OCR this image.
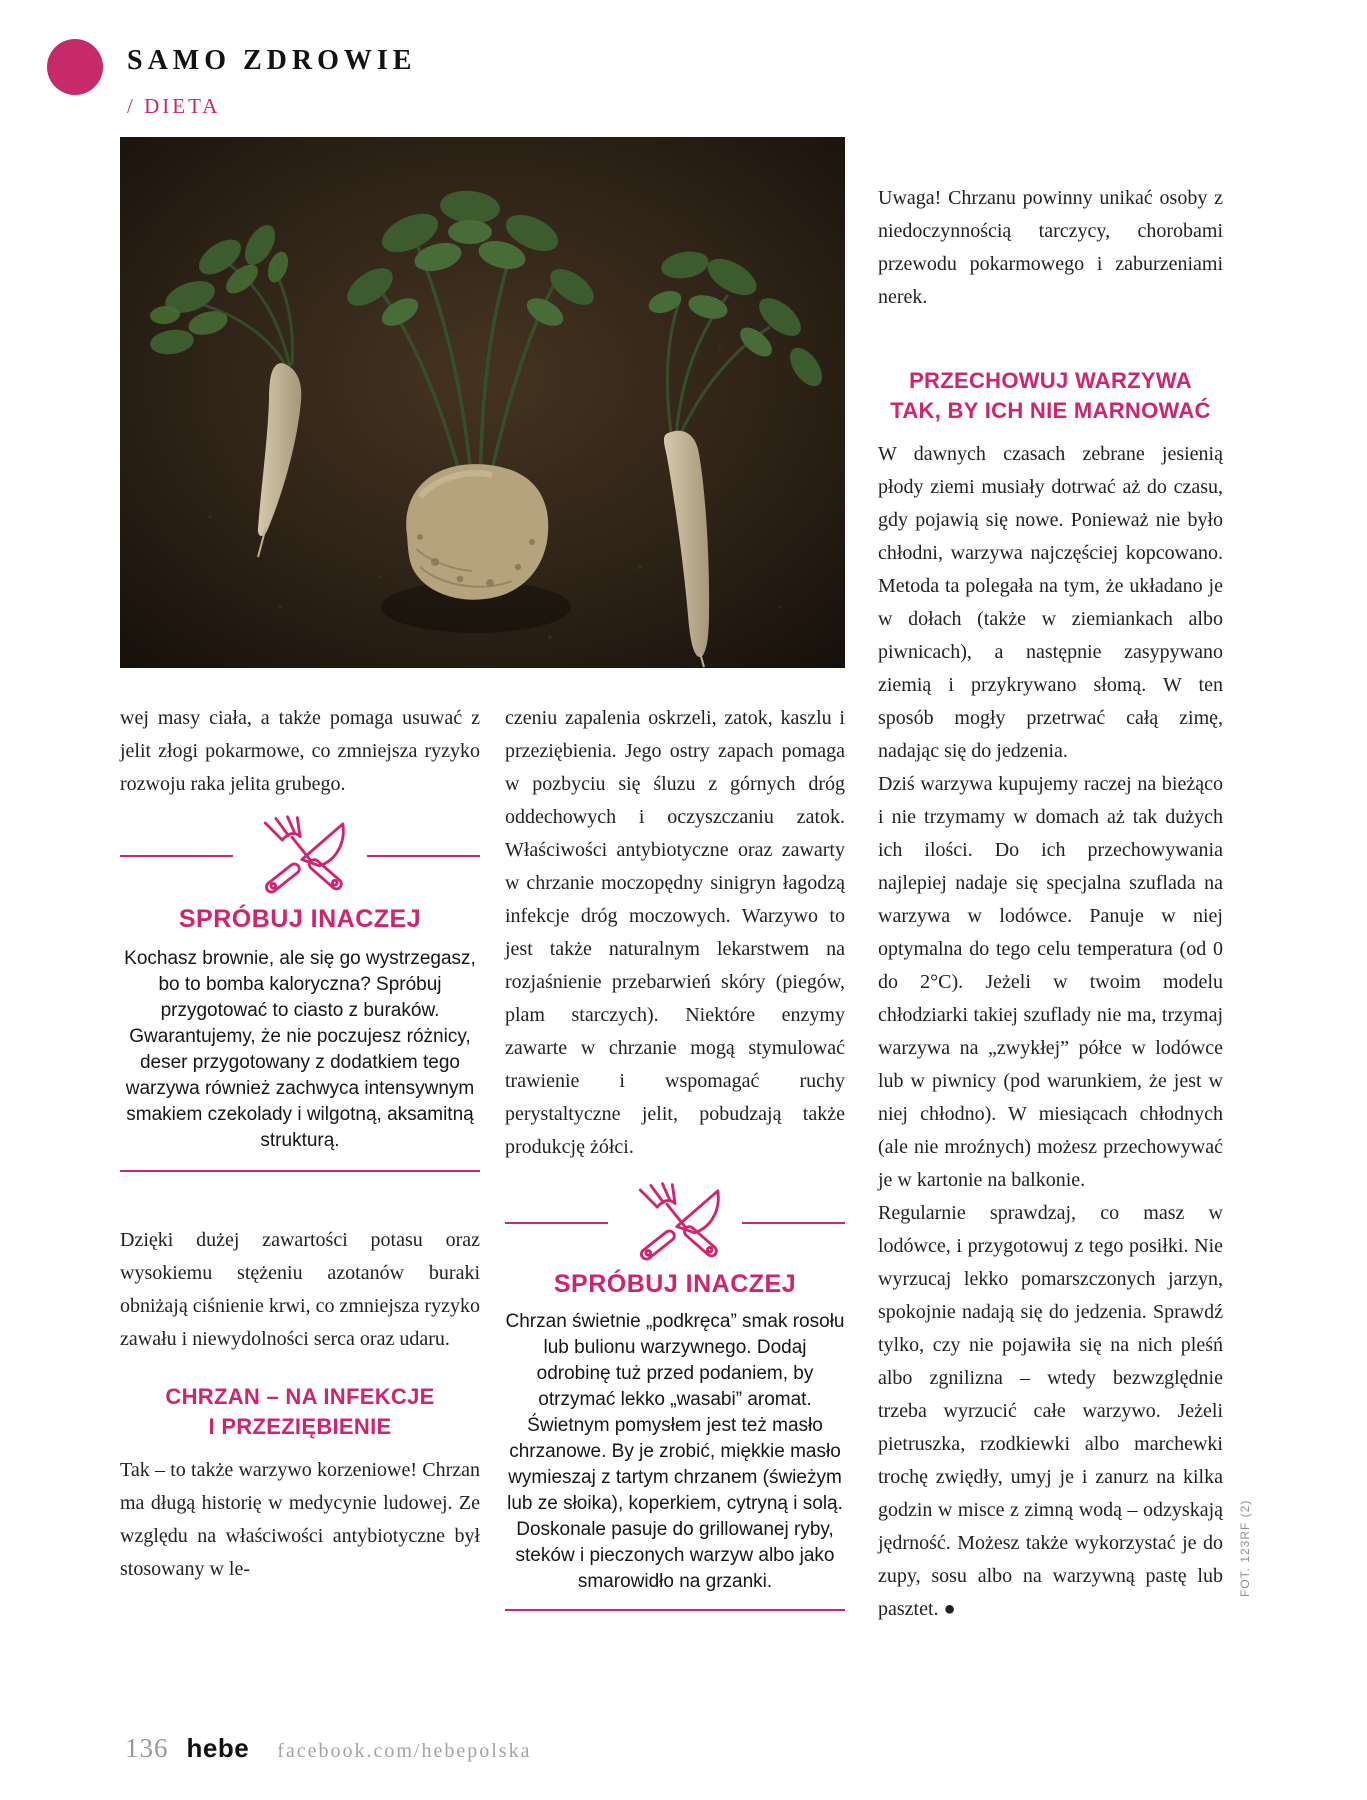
SAMO ZDROWIE
/ DIETA

wej masy ciała, a także pomaga usuwać z jelit złogi pokarmowe, co zmniejsza ryzyko rozwoju raka jelita grubego.

SPRÓBUJ INACZEJ
Kochasz brownie, ale się go wystrzegasz, bo to bomba kaloryczna? Spróbuj przygotować to ciasto z buraków. Gwarantujemy, że nie poczujesz różnicy, deser przygotowany z dodatkiem tego warzywa również zachwyca intensywnym smakiem czekolady i wilgotną, aksamitną strukturą.

Dzięki dużej zawartości potasu oraz wysokiemu stężeniu azotanów buraki obniżają ciśnienie krwi, co zmniejsza ryzyko zawału i niewydolności serca oraz udaru.

CHRZAN – NA INFEKCJE
I PRZEZIĘBIENIE

Tak – to także warzywo korzeniowe! Chrzan ma długą historię w medycynie ludowej. Ze względu na właściwości antybiotyczne był stosowany w le-

czeniu zapalenia oskrzeli, zatok, kaszlu i przeziębienia. Jego ostry zapach pomaga w pozbyciu się śluzu z górnych dróg oddechowych i oczyszczaniu zatok. Właściwości antybiotyczne oraz zawarty w chrzanie moczopędny sinigryn łagodzą infekcje dróg moczowych. Warzywo to jest także naturalnym lekarstwem na rozjaśnienie przebarwień skóry (piegów, plam starczych). Niektóre enzymy zawarte w chrzanie mogą stymulować trawienie i wspomagać ruchy perystaltyczne jelit, pobudzają także produkcję żółci.

SPRÓBUJ INACZEJ
Chrzan świetnie „podkręca” smak rosołu lub bulionu warzywnego. Dodaj odrobinę tuż przed podaniem, by otrzymać lekko „wasabi” aromat. Świetnym pomysłem jest też masło chrzanowe. By je zrobić, miękkie masło wymieszaj z tartym chrzanem (świeżym lub ze słoika), koperkiem, cytryną i solą. Doskonale pasuje do grillowanej ryby, steków i pieczonych warzyw albo jako smarowidło na grzanki.

Uwaga! Chrzanu powinny unikać osoby z niedoczynnością tarczycy, chorobami przewodu pokarmowego i zaburzeniami nerek.

PRZECHOWUJ WARZYWA
TAK, BY ICH NIE MARNOWAĆ

W dawnych czasach zebrane jesienią płody ziemi musiały dotrwać aż do czasu, gdy pojawią się nowe. Ponieważ nie było chłodni, warzywa najczęściej kopcowano. Metoda ta polegała na tym, że układano je w dołach (także w ziemiankach albo piwnicach), a następnie zasypywano ziemią i przykrywano słomą. W ten sposób mogły przetrwać całą zimę, nadając się do jedzenia.

Dziś warzywa kupujemy raczej na bieżąco i nie trzymamy w domach aż tak dużych ich ilości. Do ich przechowywania najlepiej nadaje się specjalna szuflada na warzywa w lodówce. Panuje w niej optymalna do tego celu temperatura (od 0 do 2°C). Jeżeli w twoim modelu chłodziarki takiej szuflady nie ma, trzymaj warzywa na „zwykłej” półce w lodówce lub w piwnicy (pod warunkiem, że jest w niej chłodno). W miesiącach chłodnych (ale nie mroźnych) możesz przechowywać je w kartonie na balkonie.

Regularnie sprawdzaj, co masz w lodówce, i przygotowuj z tego posiłki. Nie wyrzucaj lekko pomarszczonych jarzyn, spokojnie nadają się do jedzenia. Sprawdź tylko, czy nie pojawiła się na nich pleśń albo zgnilizna – wtedy bezwzględnie trzeba wyrzucić całe warzywo. Jeżeli pietruszka, rzodkiewki albo marchewki trochę zwiędły, umyj je i zanurz na kilka godzin w misce z zimną wodą – odzyskają jędrność. Możesz także wykorzystać je do zupy, sosu albo na warzywną pastę lub pasztet. ●

136 hebe facebook.com/hebepolska
FOT. 123RF (2)
